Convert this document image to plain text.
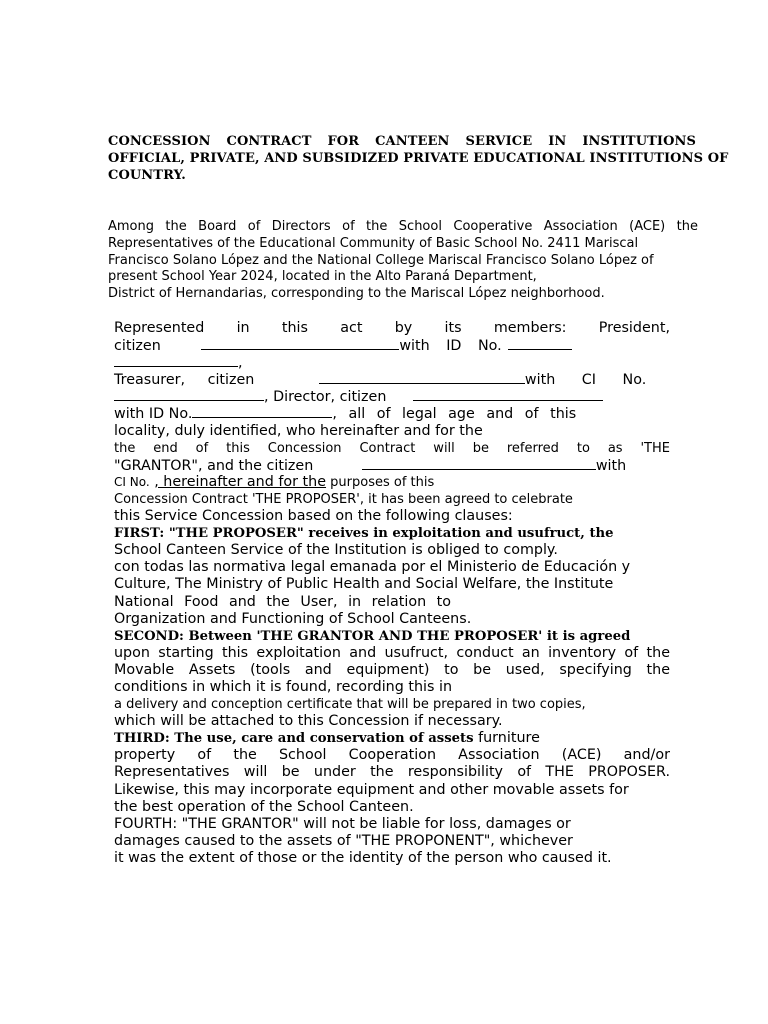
CONCESSION CONTRACT FOR CANTEEN SERVICE IN INSTITUTIONS
OFFICIAL, PRIVATE, AND SUBSIDIZED PRIVATE EDUCATIONAL INSTITUTIONS OF
COUNTRY.
Among the Board of Directors of the School Cooperative Association (ACE) the
Representatives of the Educational Community of Basic School No. 2411 Mariscal
Francisco Solano López and the National College Mariscal Francisco Solano López of
present School Year 2024, located in the Alto Paraná Department,
District of Hernandarias, corresponding to the Mariscal López neighborhood.
Represented in this act by its members: President,
citizen	with ID No.
,
Treasurer, citizen	with CI No.
, Director, citizen
with ID No.	, all of legal age and of this
locality, duly identified, who hereinafter and for the
the end of this Concession Contract will be referred to as 'THE
"GRANTOR", and the citizen	with
CI No. , hereinafter and for the purposes of this
Concession Contract 'THE PROPOSER', it has been agreed to celebrate
this Service Concession based on the following clauses:
FIRST: "THE PROPOSER" receives in exploitation and usufruct, the
School Canteen Service of the Institution is obliged to comply.
con todas las normativa legal emanada por el Ministerio de Educación y
Culture, The Ministry of Public Health and Social Welfare, the Institute
National Food and the User, in relation to
Organization and Functioning of School Canteens.
SECOND: Between 'THE GRANTOR AND THE PROPOSER' it is agreed
upon starting this exploitation and usufruct, conduct an inventory of the
Movable Assets (tools and equipment) to be used, specifying the
conditions in which it is found, recording this in
a delivery and conception certificate that will be prepared in two copies,
which will be attached to this Concession if necessary.
THIRD: The use, care and conservation of assets furniture
property of the School Cooperation Association (ACE) and/or
Representatives will be under the responsibility of THE PROPOSER.
Likewise, this may incorporate equipment and other movable assets for
the best operation of the School Canteen.
FOURTH: "THE GRANTOR" will not be liable for loss, damages or
damages caused to the assets of "THE PROPONENT", whichever
it was the extent of those or the identity of the person who caused it.
